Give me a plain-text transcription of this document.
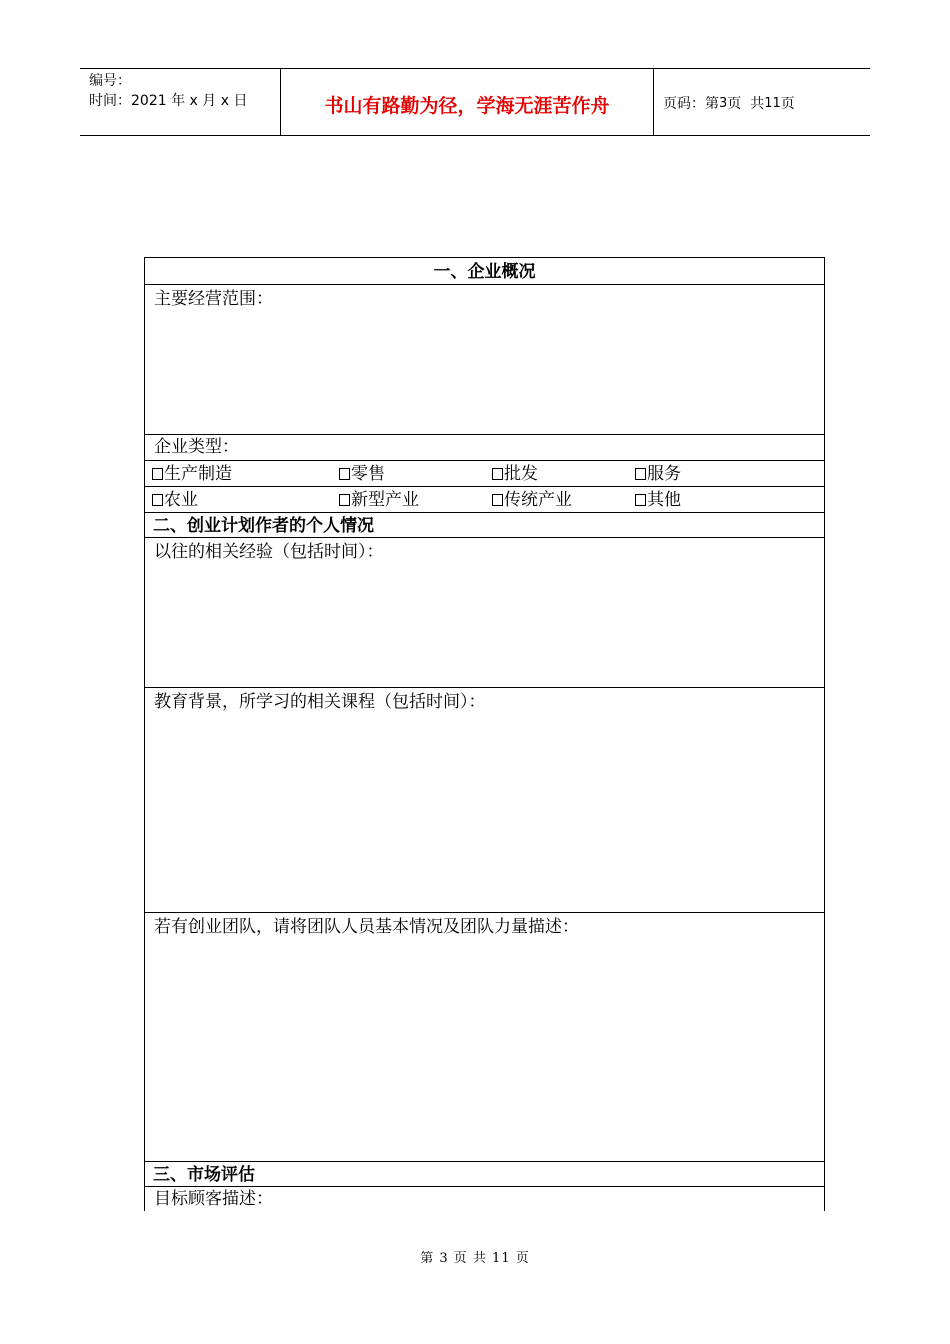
编号：
时间：2021 年 x 月 x 日	书山有路勤为径，学海无涯苦作舟	页码：第 3 页  共 11 页
一、企业概况
主要经营范围：
企业类型：
生产制造	零售	批发	服务
农业	新型产业	传统产业	其他
二、创业计划作者的个人情况
以往的相关经验（包括时间）：
教育背景，所学习的相关课程（包括时间）：
若有创业团队，请将团队人员基本情况及团队力量描述：
三、市场评估
目标顾客描述：
第 3 页 共 11 页
